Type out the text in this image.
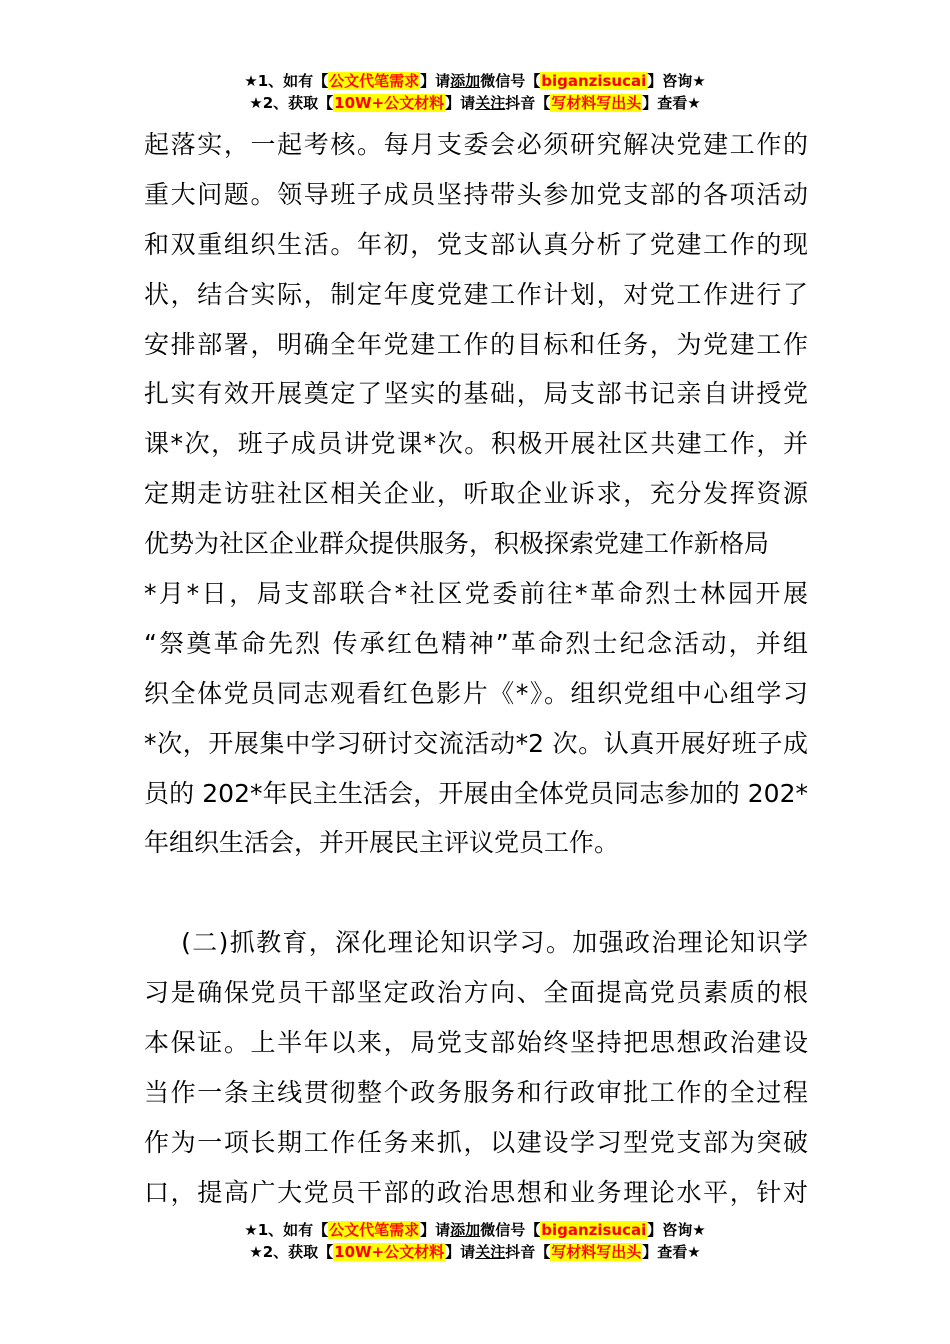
★1、如有【公文代笔需求】请添加微信号【biganzisucai】咨询★
★2、获取【10W+公文材料】请关注抖音【写材料写出头】查看★
起落实，一起考核。每月支委会必须研究解决党建工作的
重大问题。领导班子成员坚持带头参加党支部的各项活动
和双重组织生活。年初，党支部认真分析了党建工作的现
状，结合实际，制定年度党建工作计划，对党工作进行了
安排部署，明确全年党建工作的目标和任务，为党建工作
扎实有效开展奠定了坚实的基础，局支部书记亲自讲授党
课*次，班子成员讲党课*次。积极开展社区共建工作，并
定期走访驻社区相关企业，听取企业诉求，充分发挥资源
优势为社区企业群众提供服务，积极探索党建工作新格局
*月*日，局支部联合*社区党委前往*革命烈士林园开展
“祭奠革命先烈 传承红色精神”革命烈士纪念活动，并组
织全体党员同志观看红色影片《*》。组织党组中心组学习
*次，开展集中学习研讨交流活动*2 次。认真开展好班子成
员的 202*年民主生活会，开展由全体党员同志参加的 202*
年组织生活会，并开展民主评议党员工作。
(二)抓教育，深化理论知识学习。加强政治理论知识学
习是确保党员干部坚定政治方向、全面提高党员素质的根
本保证。上半年以来，局党支部始终坚持把思想政治建设
当作一条主线贯彻整个政务服务和行政审批工作的全过程
作为一项长期工作任务来抓，以建设学习型党支部为突破
口，提高广大党员干部的政治思想和业务理论水平，针对
★1、如有【公文代笔需求】请添加微信号【biganzisucai】咨询★
★2、获取【10W+公文材料】请关注抖音【写材料写出头】查看★
